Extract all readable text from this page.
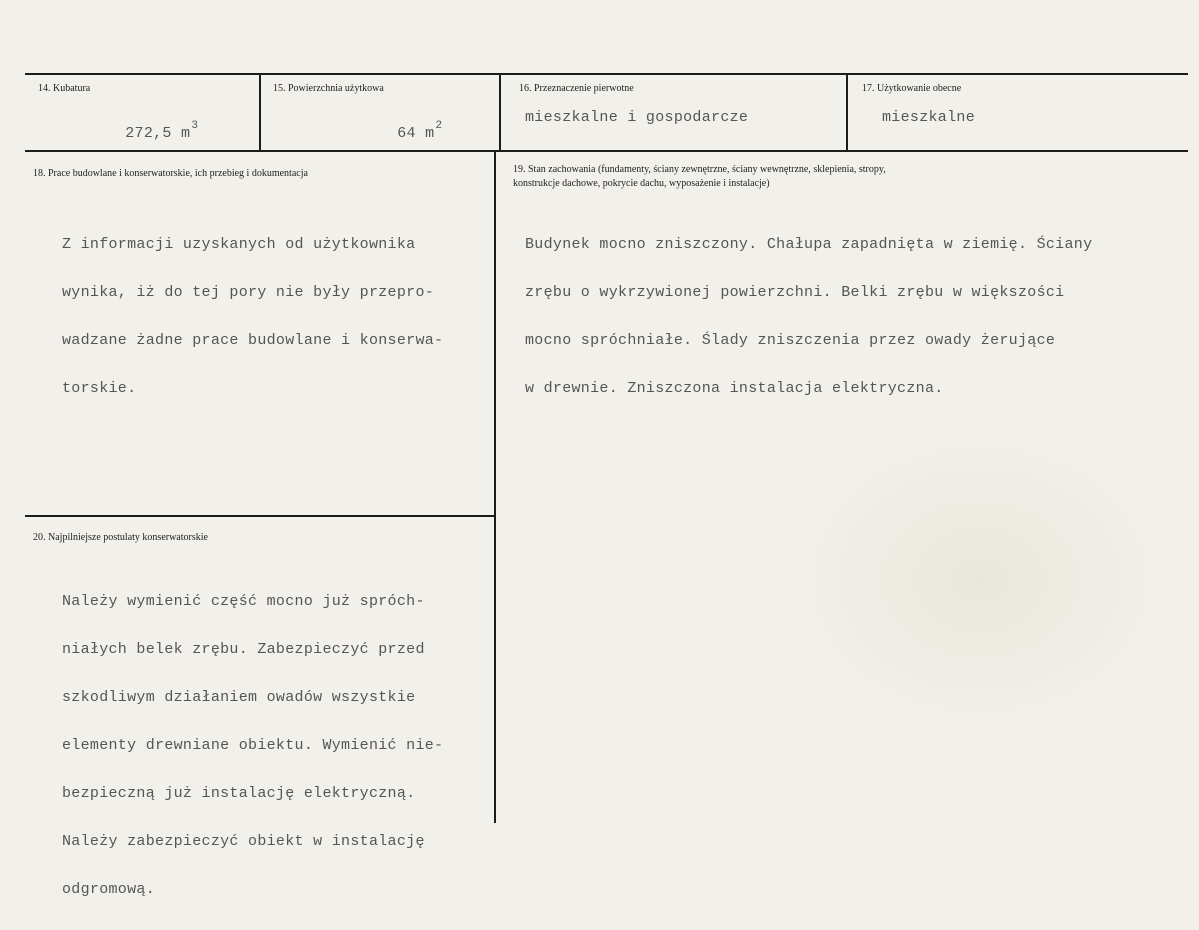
14. Kubatura

272,5 $m^3$

15. Powierzchnia użytkowa

64 $m^2$

16. Przeznaczenie pierwotne
mieszkalne i gospodarcze
17. Użytkowanie obecne
mieszkalne
18. Prace budowlane i konserwatorskie, ich przebieg i dokumentacja

Z informacji uzyskanych od użytkownika

wynika, iż do tej pory nie były przepro-

wadzane żadne prace budowlane i konserwa-

torskie.

19. Stan zachowania (fundamenty, ściany zewnętrzne, ściany wewnętrzne, sklepienia, stropy,
konstrukcje dachowe, pokrycie dachu, wyposażenie i instalacje)

Budynek mocno zniszczony. Chałupa zapadnięta w ziemię. Ściany

zrębu o wykrzywionej powierzchni. Belki zrębu w większości

mocno spróchniałe. Ślady zniszczenia przez owady żerujące

w drewnie. Zniszczona instalacja elektryczna.

20. Najpilniejsze postulaty konserwatorskie

Należy wymienić część mocno już spróch-

niałych belek zrębu. Zabezpieczyć przed

szkodliwym działaniem owadów wszystkie

elementy drewniane obiektu. Wymienić nie-

bezpieczną już instalację elektryczną.

Należy zabezpieczyć obiekt w instalację

odgromową.
